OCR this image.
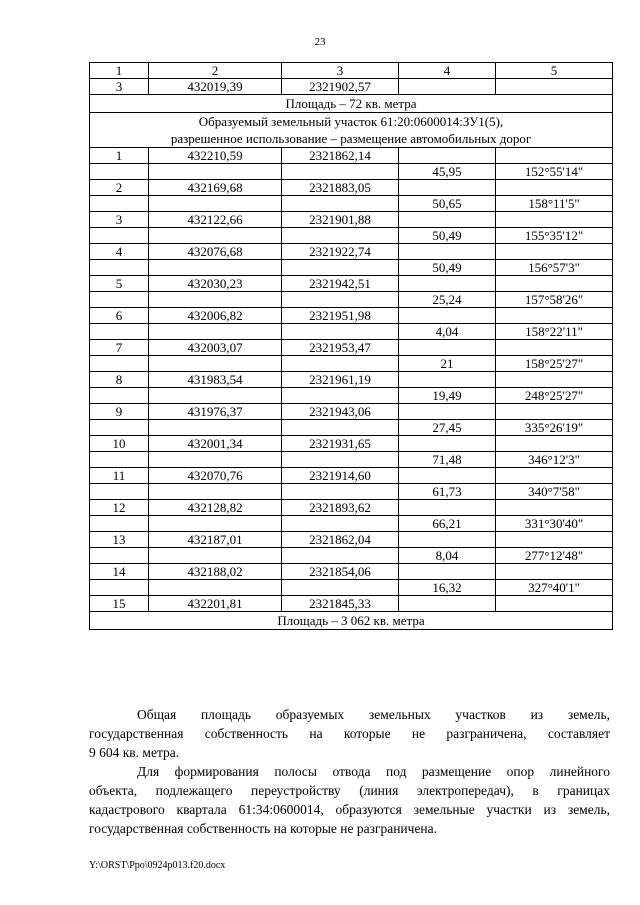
23
1	2	3	4	5
3	432019,39	2321902,57		
Площадь – 72 кв. метра				

Образуемый земельный участок 61:20:0600014:ЗУ1(5),
разрешенное использование – размещение автомобильных дорог				

1	432210,59	2321862,14		
			45,95	152°55'14"
2	432169,68	2321883,05		
			50,65	158°11'5"
3	432122,66	2321901,88		
			50,49	155°35'12"
4	432076,68	2321922,74		
			50,49	156°57'3"
5	432030,23	2321942,51		
			25,24	157°58'26"
6	432006,82	2321951,98		
			4,04	158°22'11"
7	432003,07	2321953,47		
			21	158°25'27"
8	431983,54	2321961,19		
			19,49	248°25'27"
9	431976,37	2321943,06		
			27,45	335°26'19"
10	432001,34	2321931,65		
			71,48	346°12'3"
11	432070,76	2321914,60		
			61,73	340°7'58"
12	432128,82	2321893,62		
			66,21	331°30'40"
13	432187,01	2321862,04		
			8,04	277°12'48"
14	432188,02	2321854,06		
			16,32	327°40'1"
15	432201,81	2321845,33		
Площадь – 3 062 кв. метра				
Общая площадь образуемых земельных участков из земель,
государственная собственность на которые не разграничена, составляет
9 604 кв. метра.
Для формирования полосы отвода под размещение опор линейного
объекта, подлежащего переустройству (линия электропередач), в границах
кадастрового квартала 61:34:0600014, образуются земельные участки из земель,
государственная собственность на которые не разграничена.
Y:\ORST\Ppo\0924p013.f20.docx
